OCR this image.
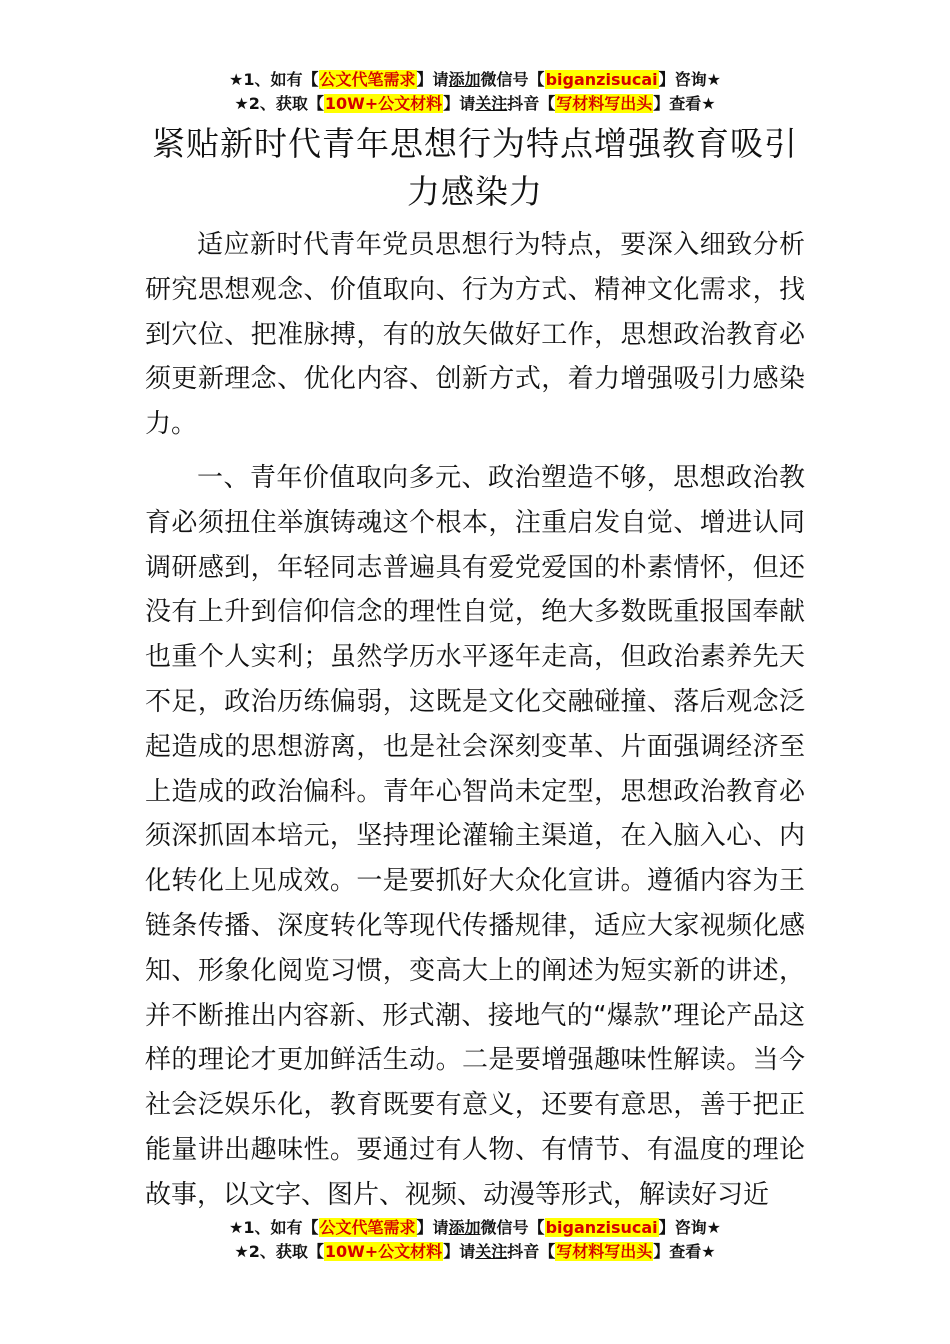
★1、如有【公文代笔需求】请添加微信号【biganzisucai】咨询★
★2、获取【10W+公文材料】请关注抖音【写材料写出头】查看★
紧贴新时代青年思想行为特点增强教育吸引力感染力

适应新时代青年党员思想行为特点，要深入细致分析研究思想观念、价值取向、行为方式、精神文化需求，找到穴位、把准脉搏，有的放矢做好工作，思想政治教育必须更新理念、优化内容、创新方式，着力增强吸引力感染力。

一、青年价值取向多元、政治塑造不够，思想政治教育必须扭住举旗铸魂这个根本，注重启发自觉、增进认同调研感到，年轻同志普遍具有爱党爱国的朴素情怀，但还没有上升到信仰信念的理性自觉，绝大多数既重报国奉献也重个人实利；虽然学历水平逐年走高，但政治素养先天不足，政治历练偏弱，这既是文化交融碰撞、落后观念泛起造成的思想游离，也是社会深刻变革、片面强调经济至上造成的政治偏科。青年心智尚未定型，思想政治教育必须深抓固本培元，坚持理论灌输主渠道，在入脑入心、内化转化上见成效。一是要抓好大众化宣讲。遵循内容为王链条传播、深度转化等现代传播规律，适应大家视频化感知、形象化阅览习惯，变高大上的阐述为短实新的讲述，并不断推出内容新、形式潮、接地气的“爆款”理论产品这样的理论才更加鲜活生动。二是要增强趣味性解读。当今社会泛娱乐化，教育既要有意义，还要有意思，善于把正能量讲出趣味性。要通过有人物、有情节、有温度的理论故事，以文字、图片、视频、动漫等形式，解读好习近

★1、如有【公文代笔需求】请添加微信号【biganzisucai】咨询★
★2、获取【10W+公文材料】请关注抖音【写材料写出头】查看★
